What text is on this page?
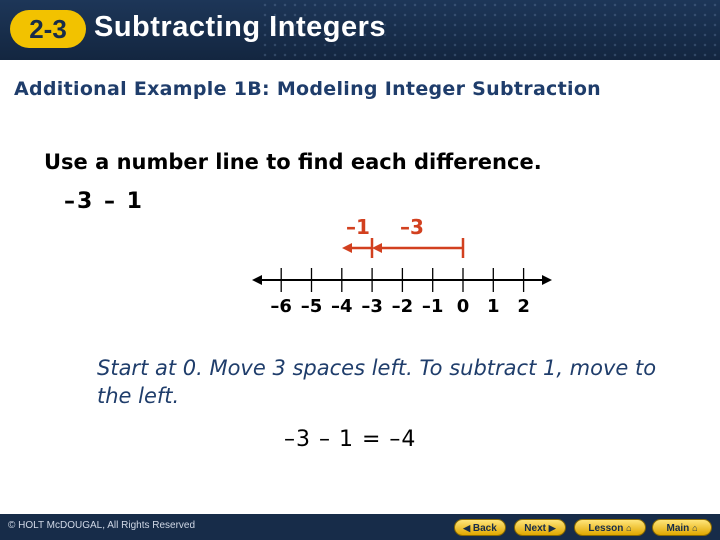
2-3 Subtracting Integers
Additional Example 1B: Modeling Integer Subtraction
Use a number line to find each difference.
–3 – 1
–6 –5 –4 –3 –2 –1 0 1 2
–1 –3
Start at 0. Move 3 spaces left. To subtract 1, move to the left.
–3 – 1 = –4
© HOLT McDOUGAL, All Rights Reserved	◀ Back	Next ▶	Lesson ⌂	Main ⌂
